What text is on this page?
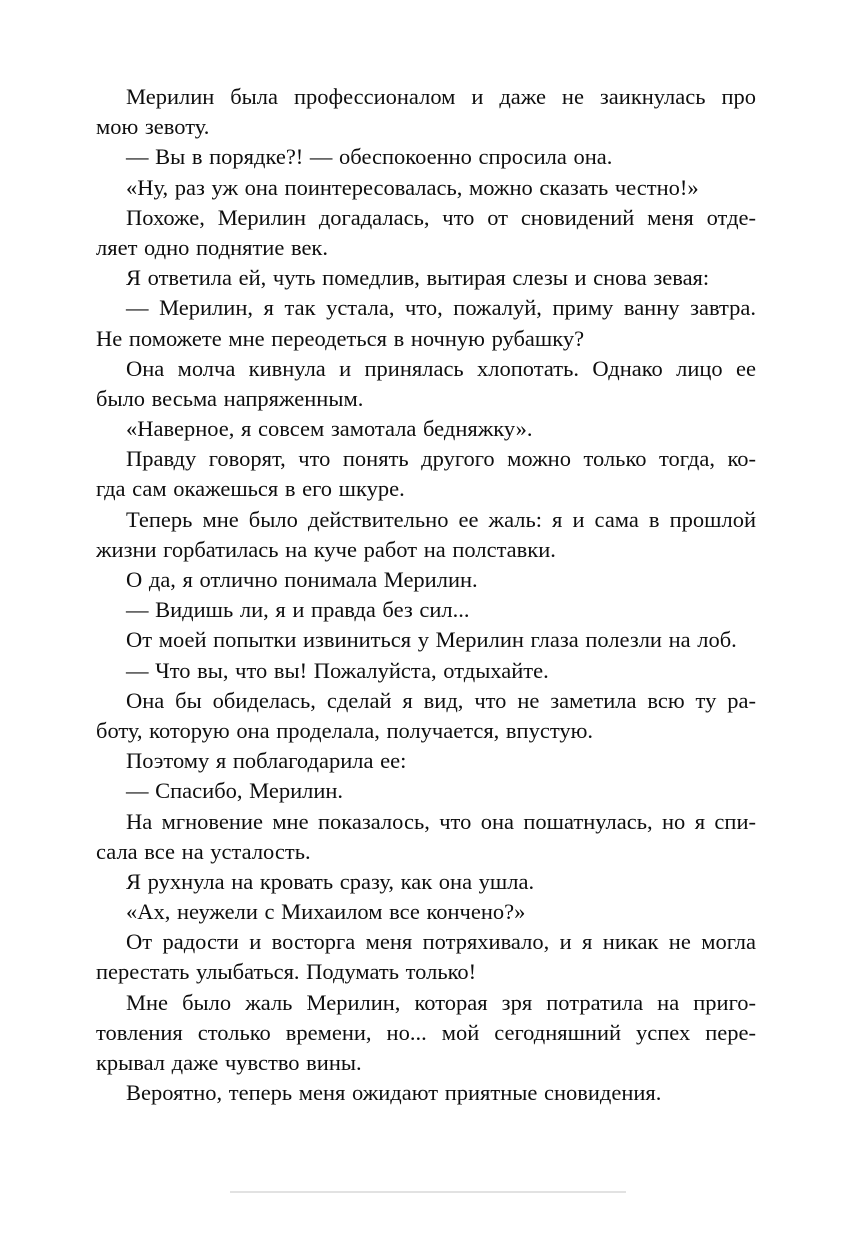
Мерилин была профессионалом и даже не заикнулась про
мою зевоту.
— Вы в порядке?! — обеспокоенно спросила она.
«Ну, раз уж она поинтересовалась, можно сказать честно!»
Похоже, Мерилин догадалась, что от сновидений меня отде-
ляет одно поднятие век.
Я ответила ей, чуть помедлив, вытирая слезы и снова зевая:
— Мерилин, я так устала, что, пожалуй, приму ванну завтра.
Не поможете мне переодеться в ночную рубашку?
Она молча кивнула и принялась хлопотать. Однако лицо ее
было весьма напряженным.
«Наверное, я совсем замотала бедняжку».
Правду говорят, что понять другого можно только тогда, ко-
гда сам окажешься в его шкуре.
Теперь мне было действительно ее жаль: я и сама в прошлой
жизни горбатилась на куче работ на полставки.
О да, я отлично понимала Мерилин.
— Видишь ли, я и правда без сил...
От моей попытки извиниться у Мерилин глаза полезли на лоб.
— Что вы, что вы! Пожалуйста, отдыхайте.
Она бы обиделась, сделай я вид, что не заметила всю ту ра-
боту, которую она проделала, получается, впустую.
Поэтому я поблагодарила ее:
— Спасибо, Мерилин.
На мгновение мне показалось, что она пошатнулась, но я спи-
сала все на усталость.
Я рухнула на кровать сразу, как она ушла.
«Ах, неужели с Михаилом все кончено?»
От радости и восторга меня потряхивало, и я никак не могла
перестать улыбаться. Подумать только!
Мне было жаль Мерилин, которая зря потратила на приго-
товления столько времени, но... мой сегодняшний успех пере-
крывал даже чувство вины.
Вероятно, теперь меня ожидают приятные сновидения.
